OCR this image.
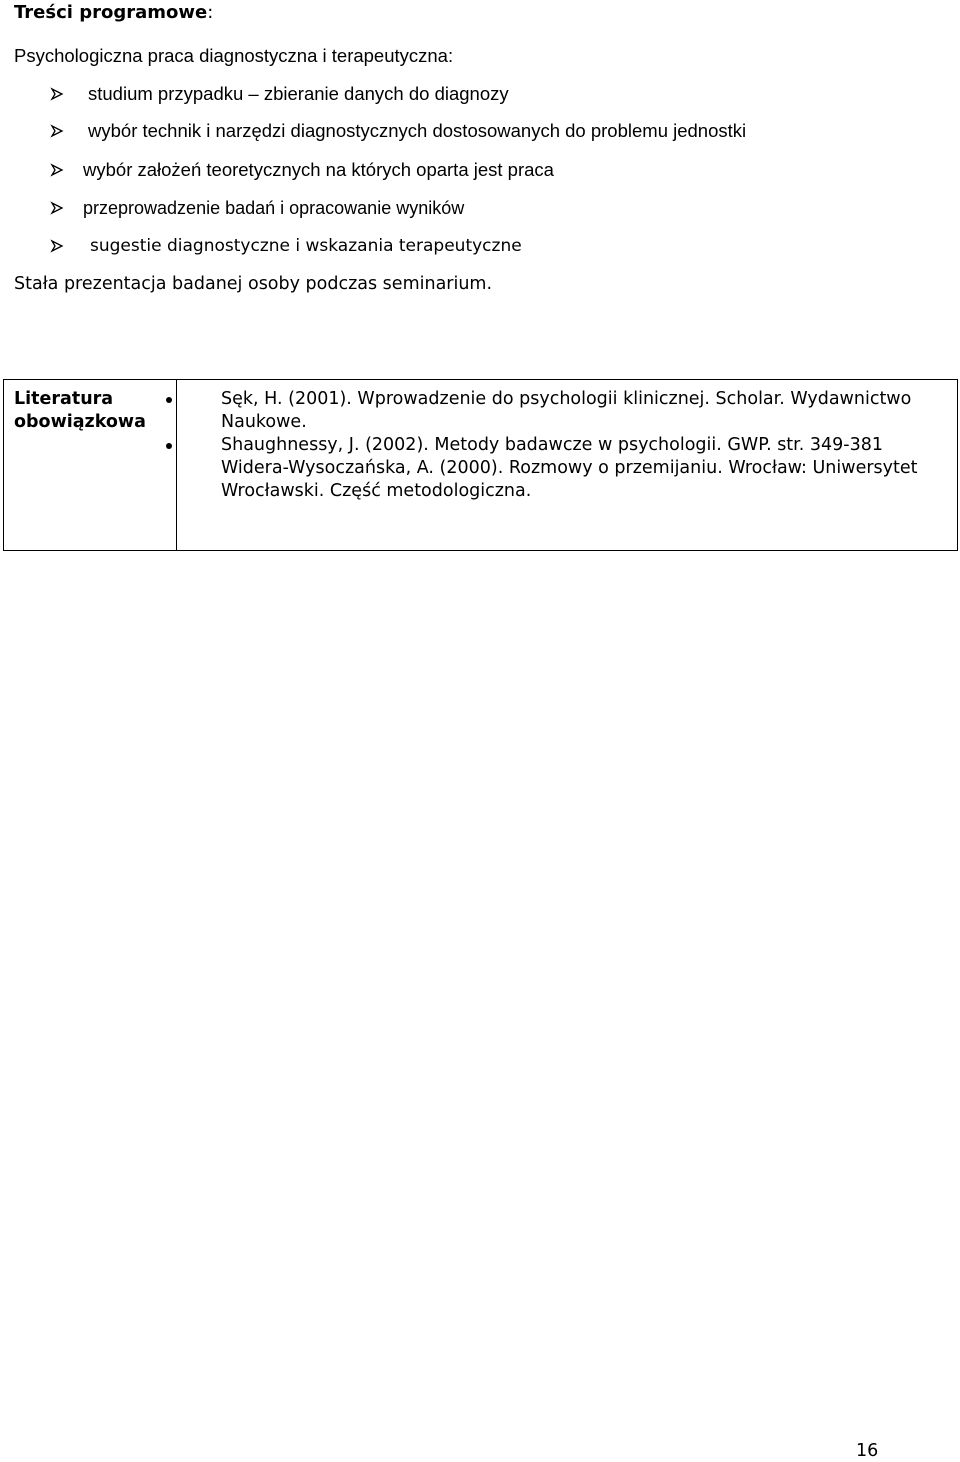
Treści programowe:
Psychologiczna praca diagnostyczna i terapeutyczna:
studium przypadku – zbieranie danych do diagnozy
wybór technik i narzędzi diagnostycznych dostosowanych do problemu jednostki
wybór założeń teoretycznych na których oparta jest praca
przeprowadzenie badań i opracowanie wyników
sugestie diagnostyczne i wskazania terapeutyczne
Stała prezentacja badanej osoby podczas seminarium.
Literatura
obowiązkowa

Sęk, H. (2001). Wprowadzenie do psychologii klinicznej. Scholar. Wydawnictwo Naukowe.

Shaughnessy, J. (2002). Metody badawcze w psychologii. GWP. str. 349-381

Widera-Wysoczańska, A. (2000). Rozmowy o przemijaniu. Wrocław: Uniwersytet Wrocławski. Część metodologiczna.

16
